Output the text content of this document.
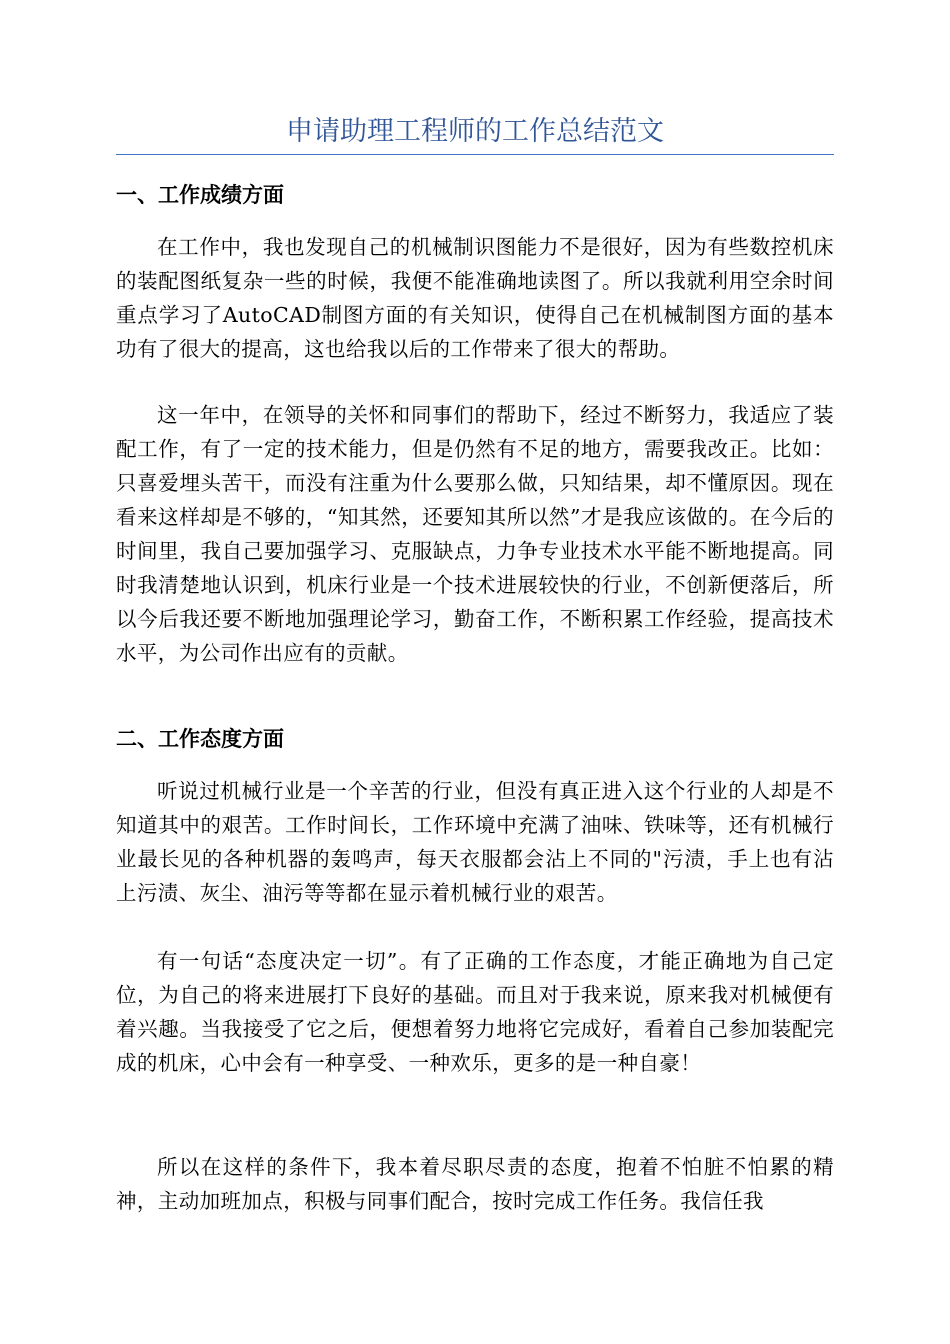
申请助理工程师的工作总结范文
一、工作成绩方面
在工作中，我也发现自己的机械制识图能力不是很好，因为有些数控机床的装配图纸复杂一些的时候，我便不能准确地读图了。所以我就利用空余时间重点学习了AutoCAD制图方面的有关知识，使得自己在机械制图方面的基本功有了很大的提高，这也给我以后的工作带来了很大的帮助。
这一年中，在领导的关怀和同事们的帮助下，经过不断努力，我适应了装配工作，有了一定的技术能力，但是仍然有不足的地方，需要我改正。比如：只喜爱埋头苦干，而没有注重为什么要那么做，只知结果，却不懂原因。现在看来这样却是不够的，“知其然，还要知其所以然”才是我应该做的。在今后的时间里，我自己要加强学习、克服缺点，力争专业技术水平能不断地提高。同时我清楚地认识到，机床行业是一个技术进展较快的行业，不创新便落后，所以今后我还要不断地加强理论学习，勤奋工作，不断积累工作经验，提高技术水平，为公司作出应有的贡献。
二、工作态度方面
听说过机械行业是一个辛苦的行业，但没有真正进入这个行业的人却是不知道其中的艰苦。工作时间长，工作环境中充满了油味、铁味等，还有机械行业最长见的各种机器的轰鸣声，每天衣服都会沾上不同的"污渍，手上也有沾上污渍、灰尘、油污等等都在显示着机械行业的艰苦。
有一句话“态度决定一切”。有了正确的工作态度，才能正确地为自己定位，为自己的将来进展打下良好的基础。而且对于我来说，原来我对机械便有着兴趣。当我接受了它之后，便想着努力地将它完成好，看着自己参加装配完成的机床，心中会有一种享受、一种欢乐，更多的是一种自豪！
所以在这样的条件下，我本着尽职尽责的态度，抱着不怕脏不怕累的精神，主动加班加点，积极与同事们配合，按时完成工作任务。我信任我
